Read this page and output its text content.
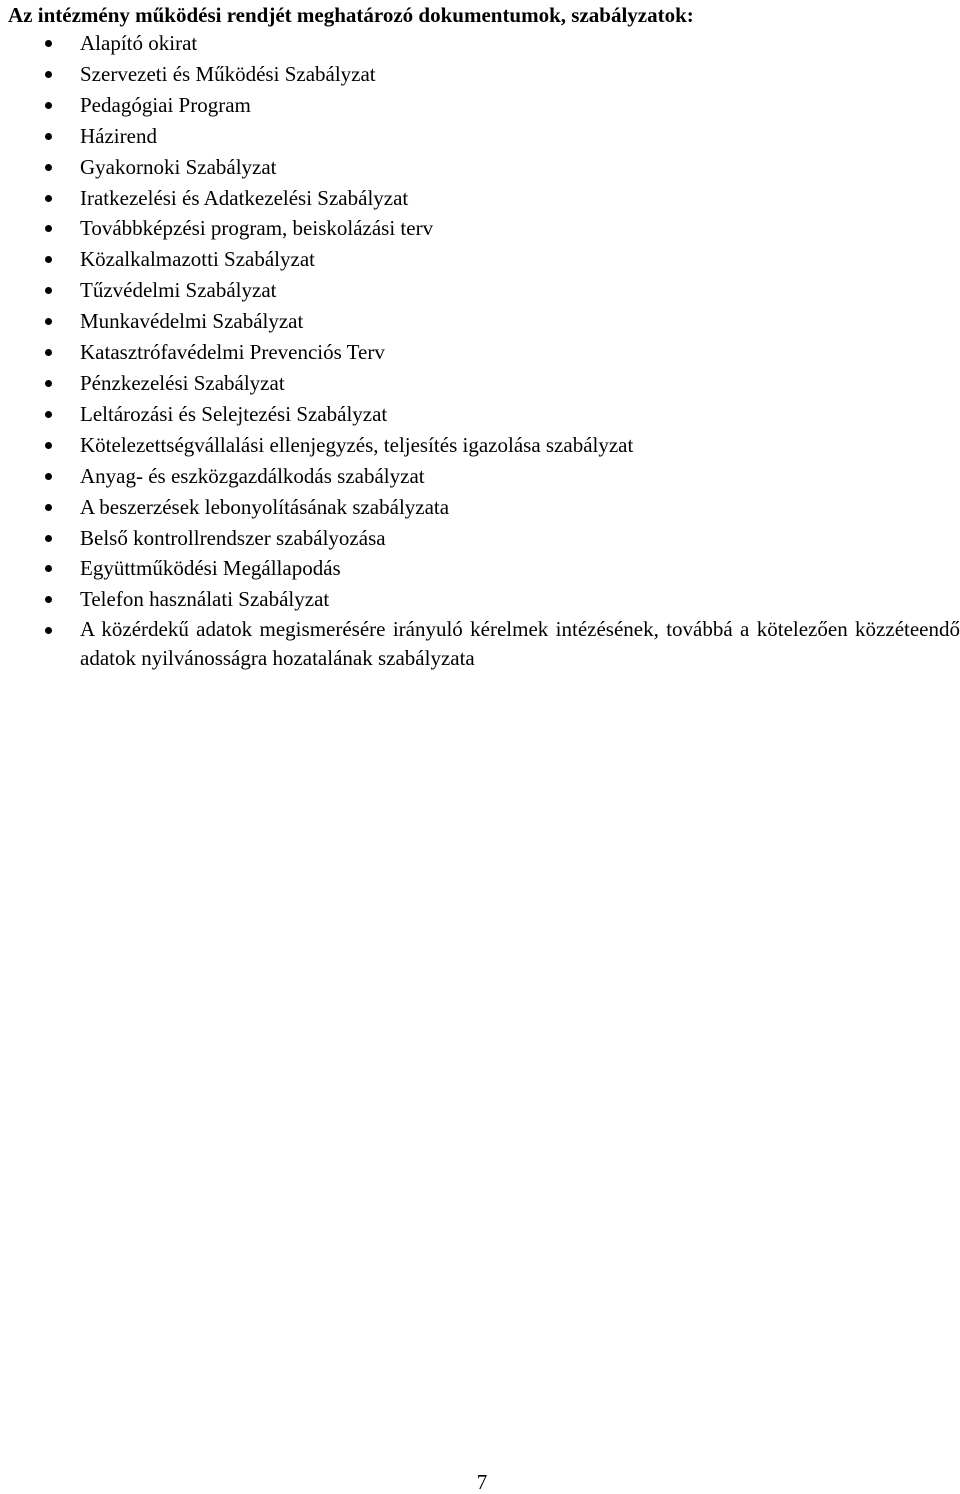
Az intézmény működési rendjét meghatározó dokumentumok, szabályzatok:
Alapító okirat
Szervezeti és Működési Szabályzat
Pedagógiai Program
Házirend
Gyakornoki Szabályzat
Iratkezelési és Adatkezelési Szabályzat
Továbbképzési program, beiskolázási terv
Közalkalmazotti Szabályzat
Tűzvédelmi Szabályzat
Munkavédelmi Szabályzat
Katasztrófavédelmi Prevenciós Terv
Pénzkezelési Szabályzat
Leltározási és Selejtezési Szabályzat
Kötelezettségvállalási ellenjegyzés, teljesítés igazolása szabályzat
Anyag- és eszközgazdálkodás szabályzat
A beszerzések lebonyolításának szabályzata
Belső kontrollrendszer szabályozása
Együttműködési Megállapodás
Telefon használati Szabályzat
A közérdekű adatok megismerésére irányuló kérelmek intézésének, továbbá a kötelezően közzéteendő adatok nyilvánosságra hozatalának szabályzata
7
